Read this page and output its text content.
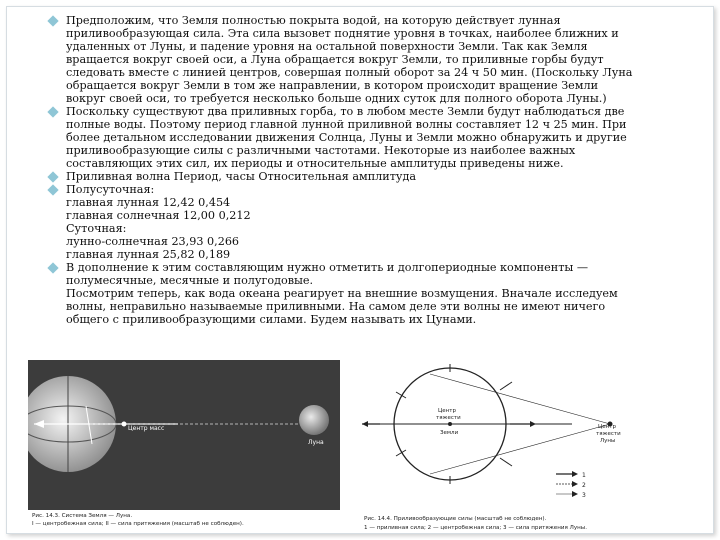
Предположим, что Земля полностью покрыта водой, на которую действует лунная
приливообразующая сила. Эта сила вызовет поднятие уровня в точках, наиболее ближних и
удаленных от Луны, и падение уровня на остальной поверхности Земли. Так как Земля
вращается вокруг своей оси, а Луна обращается вокруг Земли, то приливные горбы будут
следовать вместе с линией центров, совершая полный оборот за 24 ч 50 мин. (Поскольку Луна
обращается вокруг Земли в том же направлении, в котором происходит вращение Земли
вокруг своей оси, то требуется несколько больше одних суток для полного оборота Луны.)
Поскольку существуют два приливных горба, то в любом месте Земли будут наблюдаться две
полные воды. Поэтому период главной лунной приливной волны составляет 12 ч 25 мин. При
более детальном исследовании движения Солнца, Луны и Земли можно обнаружить и другие
приливообразующие силы с различными частотами. Некоторые из наиболее важных
составляющих этих сил, их периоды и относительные амплитуды приведены ниже.
Приливная волна Период, часы Относительная амплитуда
Полусуточная:
главная лунная 12,42 0,454
главная солнечная 12,00 0,212
Суточная:
лунно-солнечная 23,93 0,266
главная лунная 25,82 0,189
В дополнение к этим составляющим нужно отметить и долгопериодные компоненты —
полумесячные, месячные и полугодовые.
Посмотрим теперь, как вода океана реагирует на внешние возмущения. Вначале исследуем
волны, неправильно называемые приливными. На самом деле эти волны не имеют ничего
общего с приливообразующими силами. Будем называть их Цунами.
Центр масс
Луна
Рис. 14.3. Система Земля — Луна.
I — центробежная сила; II — сила притяжения (масштаб не соблюден).
Центр
тяжести
Земли
Центр
тяжести
Луны
1
2
3
Рис. 14.4. Приливообразующие силы (масштаб не соблюден).
1 — приливная сила; 2 — центробежная сила; 3 — сила притяжения Луны.
